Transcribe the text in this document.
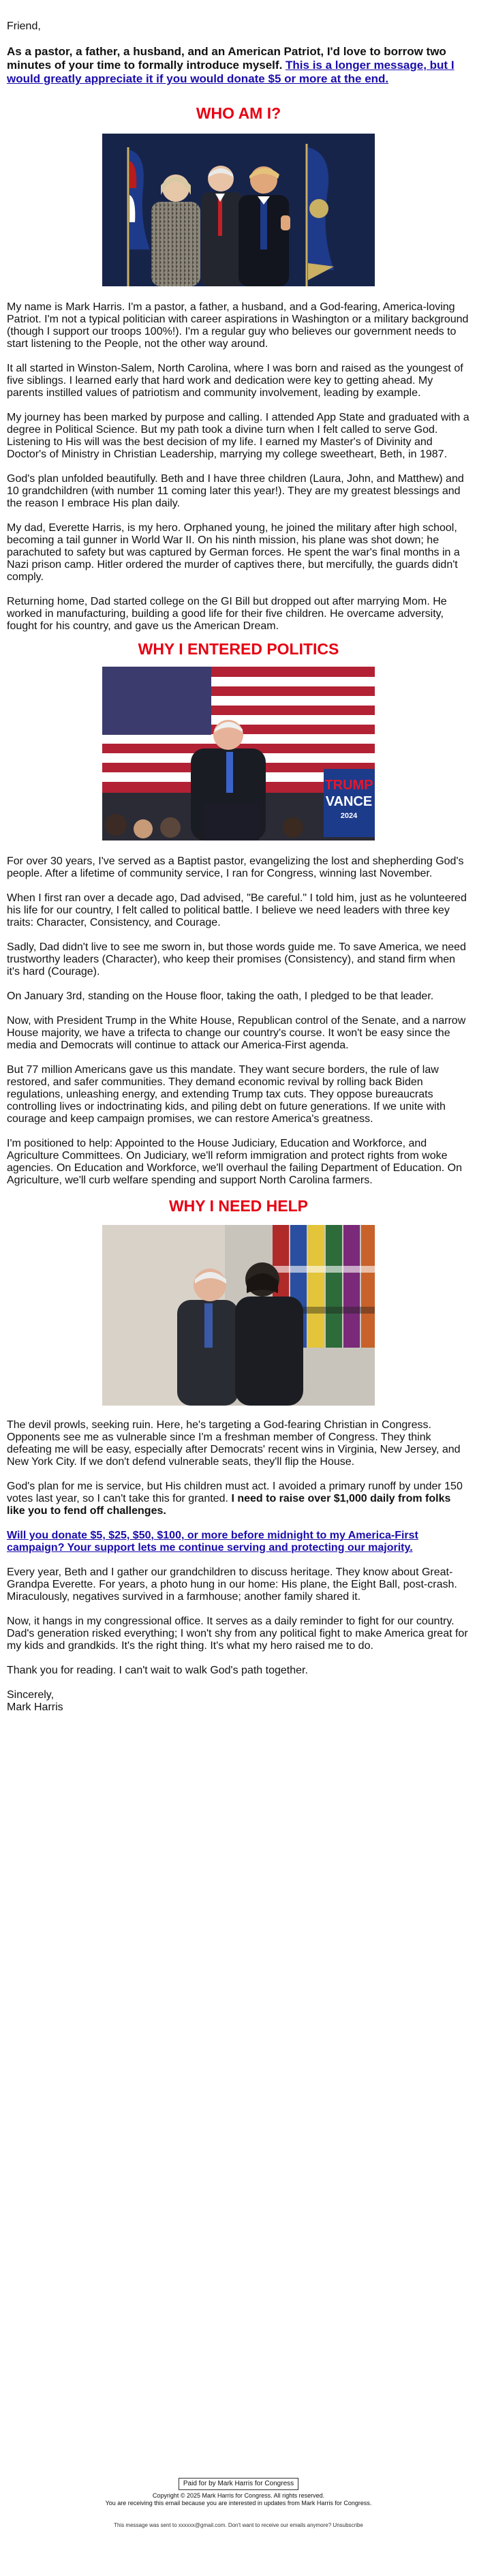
Friend,

As a pastor, a father, a husband, and an American Patriot, I'd love to borrow two minutes of your time to formally introduce myself. This is a longer message, but I would greatly appreciate it if you would donate $5 or more at the end.

WHO AM I?

My name is Mark Harris. I'm a pastor, a father, a husband, and a God-fearing, America-loving Patriot. I'm not a typical politician with career aspirations in Washington or a military background (though I support our troops 100%!). I'm a regular guy who believes our government needs to start listening to the People, not the other way around.

It all started in Winston-Salem, North Carolina, where I was born and raised as the youngest of five siblings. I learned early that hard work and dedication were key to getting ahead. My parents instilled values of patriotism and community involvement, leading by example.

My journey has been marked by purpose and calling. I attended App State and graduated with a degree in Political Science. But my path took a divine turn when I felt called to serve God. Listening to His will was the best decision of my life. I earned my Master's of Divinity and Doctor's of Ministry in Christian Leadership, marrying my college sweetheart, Beth, in 1987.

God's plan unfolded beautifully. Beth and I have three children (Laura, John, and Matthew) and 10 grandchildren (with number 11 coming later this year!). They are my greatest blessings and the reason I embrace His plan daily.

My dad, Everette Harris, is my hero. Orphaned young, he joined the military after high school, becoming a tail gunner in World War II. On his ninth mission, his plane was shot down; he parachuted to safety but was captured by German forces. He spent the war's final months in a Nazi prison camp. Hitler ordered the murder of captives there, but mercifully, the guards didn't comply.

Returning home, Dad started college on the GI Bill but dropped out after marrying Mom. He worked in manufacturing, building a good life for their five children. He overcame adversity, fought for his country, and gave us the American Dream.

WHY I ENTERED POLITICS
TRUMP
VANCE
2024

For over 30 years, I've served as a Baptist pastor, evangelizing the lost and shepherding God's people. After a lifetime of community service, I ran for Congress, winning last November.

When I first ran over a decade ago, Dad advised, "Be careful." I told him, just as he volunteered his life for our country, I felt called to political battle. I believe we need leaders with three key traits: Character, Consistency, and Courage.

Sadly, Dad didn't live to see me sworn in, but those words guide me. To save America, we need trustworthy leaders (Character), who keep their promises (Consistency), and stand firm when it's hard (Courage).

On January 3rd, standing on the House floor, taking the oath, I pledged to be that leader.

Now, with President Trump in the White House, Republican control of the Senate, and a narrow House majority, we have a trifecta to change our country's course. It won't be easy since the media and Democrats will continue to attack our America-First agenda.

But 77 million Americans gave us this mandate. They want secure borders, the rule of law restored, and safer communities. They demand economic revival by rolling back Biden regulations, unleashing energy, and extending Trump tax cuts. They oppose bureaucrats controlling lives or indoctrinating kids, and piling debt on future generations. If we unite with courage and keep campaign promises, we can restore America's greatness.

I'm positioned to help: Appointed to the House Judiciary, Education and Workforce, and Agriculture Committees. On Judiciary, we'll reform immigration and protect rights from woke agencies. On Education and Workforce, we'll overhaul the failing Department of Education. On Agriculture, we'll curb welfare spending and support North Carolina farmers.

WHY I NEED HELP

The devil prowls, seeking ruin. Here, he's targeting a God-fearing Christian in Congress. Opponents see me as vulnerable since I'm a freshman member of Congress. They think defeating me will be easy, especially after Democrats' recent wins in Virginia, New Jersey, and New York City. If we don't defend vulnerable seats, they'll flip the House.

God's plan for me is service, but His children must act. I avoided a primary runoff by under 150 votes last year, so I can't take this for granted. I need to raise over $1,000 daily from folks like you to fend off challenges.

Will you donate $5, $25, $50, $100, or more before midnight to my America-First campaign? Your support lets me continue serving and protecting our majority.

Every year, Beth and I gather our grandchildren to discuss heritage. They know about Great-Grandpa Everette. For years, a photo hung in our home: His plane, the Eight Ball, post-crash. Miraculously, negatives survived in a farmhouse; another family shared it.

Now, it hangs in my congressional office. It serves as a daily reminder to fight for our country. Dad's generation risked everything; I won't shy from any political fight to make America great for my kids and grandkids. It's the right thing. It's what my hero raised me to do.

Thank you for reading. I can't wait to walk God's path together.

Sincerely,

Mark Harris

Paid for by Mark Harris for Congress
Copyright © 2025 Mark Harris for Congress. All rights reserved.
You are receiving this email because you are interested in updates from Mark Harris for Congress.
This message was sent to xxxxxx@gmail.com. Don't want to receive our emails anymore? Unsubscribe
